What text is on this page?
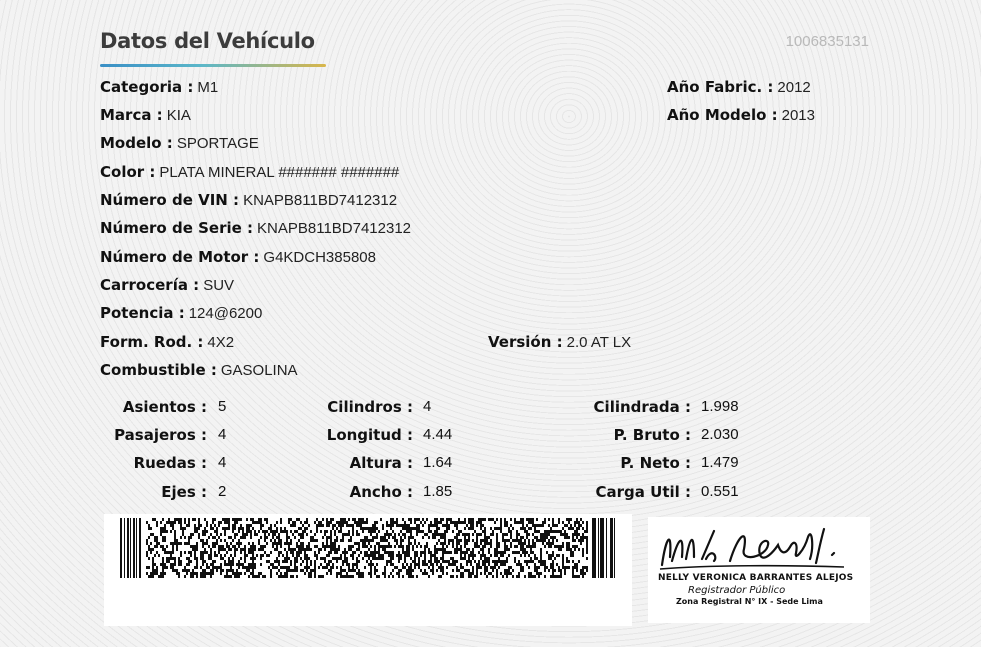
Datos del Vehículo	1006835131
Categoria : M1
Marca : KIA
Modelo : SPORTAGE
Color : PLATA MINERAL ####### #######
Número de VIN : KNAPB811BD7412312
Número de Serie : KNAPB811BD7412312
Número de Motor : G4KDCH385808
Carrocería : SUV
Potencia : 124@6200
Form. Rod. : 4X2	Versión : 2.0 AT LX
Combustible : GASOLINA
Año Fabric. : 2012
Año Modelo : 2013
Asientos : 5
Pasajeros : 4
Ruedas : 4
Ejes : 2
Cilindros : 4
Longitud : 4.44
Altura : 1.64
Ancho : 1.85
Cilindrada : 1.998
P. Bruto : 2.030
P. Neto : 1.479
Carga Util : 0.551
NELLY VERONICA BARRANTES ALEJOS
Registrador Público
Zona Registral N° IX - Sede Lima
